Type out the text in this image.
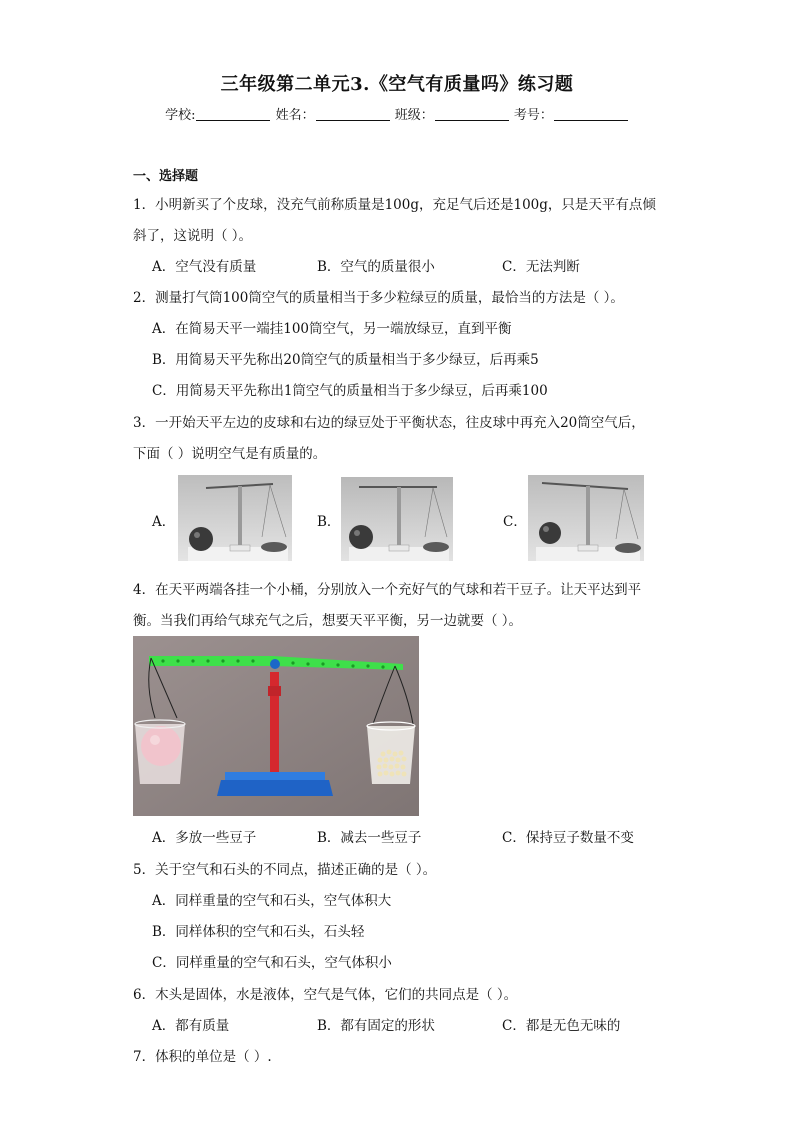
三年级第二单元3.《空气有质量吗》练习题
学校:	姓名：	班级：	考号：
一、选择题
1．小明新买了个皮球，没充气前称质量是100g，充足气后还是100g，只是天平有点倾
斜了，这说明（ ）。
A．空气没有质量	B．空气的质量很小	C．无法判断
2．测量打气筒100筒空气的质量相当于多少粒绿豆的质量，最恰当的方法是（ ）。
A．在简易天平一端挂100筒空气，另一端放绿豆，直到平衡
B．用简易天平先称出20筒空气的质量相当于多少绿豆，后再乘5
C．用简易天平先称出1筒空气的质量相当于多少绿豆，后再乘100
3．一开始天平左边的皮球和右边的绿豆处于平衡状态，往皮球中再充入20筒空气后，
下面（ ）说明空气是有质量的。
A．	B．	C．
4．在天平两端各挂一个小桶，分别放入一个充好气的气球和若干豆子。让天平达到平
衡。当我们再给气球充气之后，想要天平平衡，另一边就要（ ）。
A．多放一些豆子	B．减去一些豆子	C．保持豆子数量不变
5．关于空气和石头的不同点，描述正确的是（ ）。
A．同样重量的空气和石头，空气体积大
B．同样体积的空气和石头，石头轻
C．同样重量的空气和石头，空气体积小
6．木头是固体，水是液体，空气是气体，它们的共同点是（ ）。
A．都有质量	B．都有固定的形状	C．都是无色无味的
7．体积的单位是（ ）.
